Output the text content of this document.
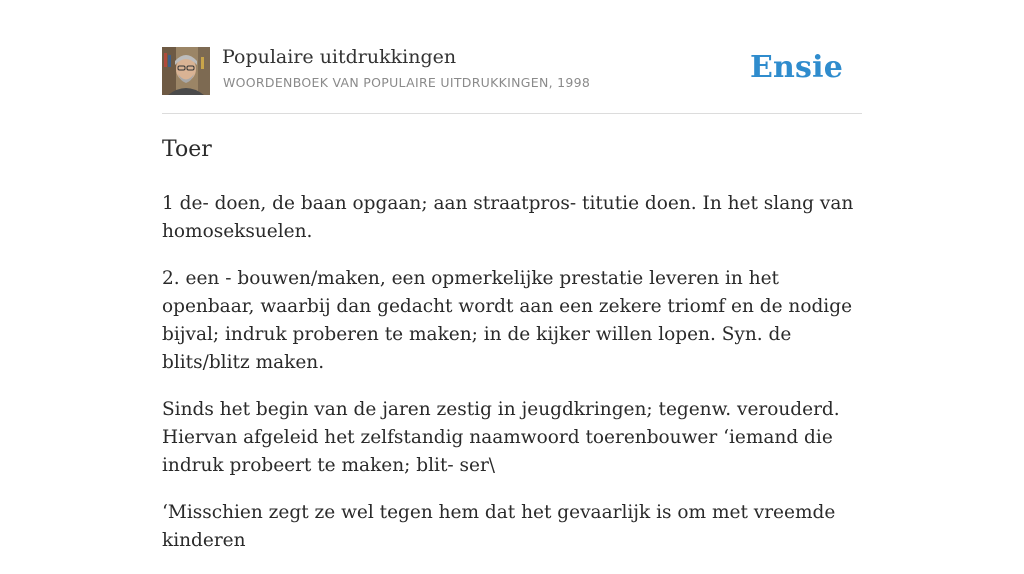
Populaire uitdrukkingen
WOORDENBOEK VAN POPULAIRE UITDRUKKINGEN, 1998	Ensie
Toer

1 de- doen, de baan opgaan; aan straatpros- titutie doen. In het slang van homoseksuelen.

2. een - bouwen/maken, een opmerkelijke prestatie leveren in het openbaar, waarbij dan gedacht wordt aan een zekere triomf en de nodige bijval; indruk proberen te maken; in de kijker willen lopen. Syn. de blits/blitz maken.

Sinds het begin van de jaren zestig in jeugdkringen; tegenw. verouderd. Hiervan afgeleid het zelfstandig naamwoord toerenbouwer ‘iemand die indruk probeert te maken; blit- ser\

‘Misschien zegt ze wel tegen hem dat het gevaarlijk is om met vreemde kinderen
